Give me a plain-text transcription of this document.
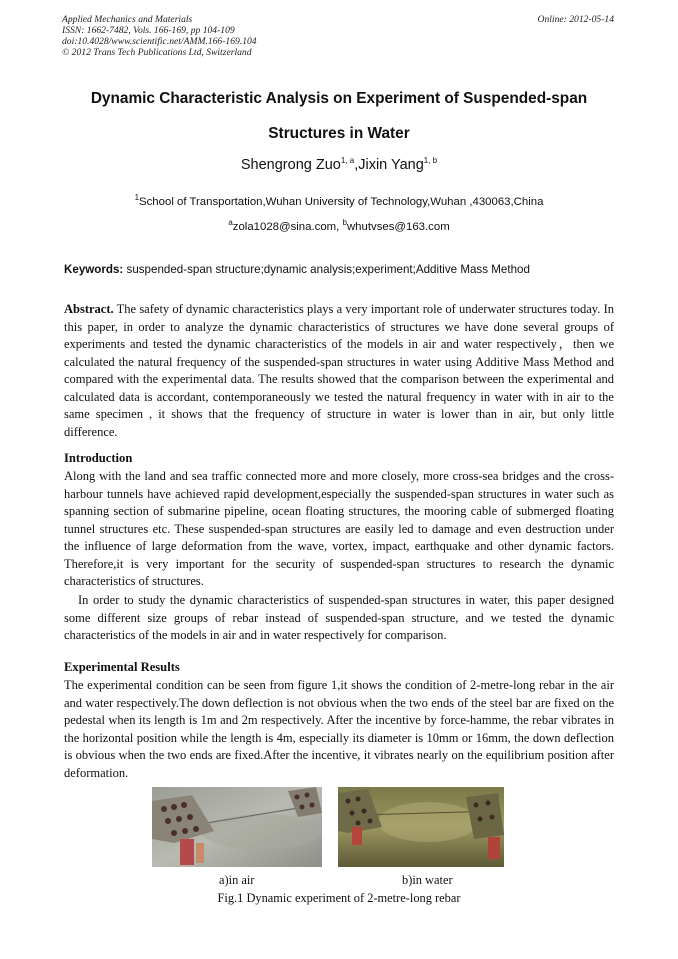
Applied Mechanics and Materials
ISSN: 1662-7482, Vols. 166-169, pp 104-109
doi:10.4028/www.scientific.net/AMM.166-169.104
© 2012 Trans Tech Publications Ltd, Switzerland
Online: 2012-05-14
Dynamic Characteristic Analysis on Experiment of Suspended-span
Structures in Water
Shengrong Zuo$^{1, a}$,Jixin Yang$^{1, b}$
$^1$School of Transportation,Wuhan University of Technology,Wuhan ,430063,China
$^a$zola1028@sina.com, $^b$whutvses@163.com
Keywords: suspended-span structure;dynamic analysis;experiment;Additive Mass Method
Abstract. The safety of dynamic characteristics plays a very important role of underwater structures today. In this paper, in order to analyze the dynamic characteristics of structures we have done several groups of experiments and tested the dynamic characteristics of the models in air and water respectively，then we calculated the natural frequency of the suspended-span structures in water using Additive Mass Method and compared with the experimental data. The results showed that the comparison between the experimental and calculated data is accordant, contemporaneously we tested the natural frequency in water with in air to the same specimen , it shows that the frequency of structure in water is lower than in air, but only little difference.
Introduction
Along with the land and sea traffic connected more and more closely, more cross-sea bridges and the cross-harbour tunnels have achieved rapid development,especially the suspended-span structures in water such as spanning section of submarine pipeline, ocean floating structures, the mooring cable of submerged floating tunnel structures etc. These suspended-span structures are easily led to damage and even destruction under the influence of large deformation from the wave, vortex, impact, earthquake and other dynamic factors. Therefore,it is very important for the security of suspended-span structures to research the dynamic characteristics of structures.
In order to study the dynamic characteristics of suspended-span structures in water, this paper designed some different size groups of rebar instead of suspended-span structure, and we tested the dynamic characteristics of the models in air and in water respectively for comparison.
Experimental Results
The experimental condition can be seen from figure 1,it shows the condition of 2-metre-long rebar in the air and water respectively.The down deflection is not obvious when the two ends of the steel bar are fixed on the pedestal when its length is 1m and 2m respectively. After the incentive by force-hamme, the rebar vibrates in the horizontal position while the length is 4m, especially its diameter is 10mm or 16mm, the down deflection is obvious when the two ends are fixed.After the incentive, it vibrates nearly on the equilibrium position after deformation.
a)in air	b)in water
Fig.1 Dynamic experiment of 2-metre-long rebar
